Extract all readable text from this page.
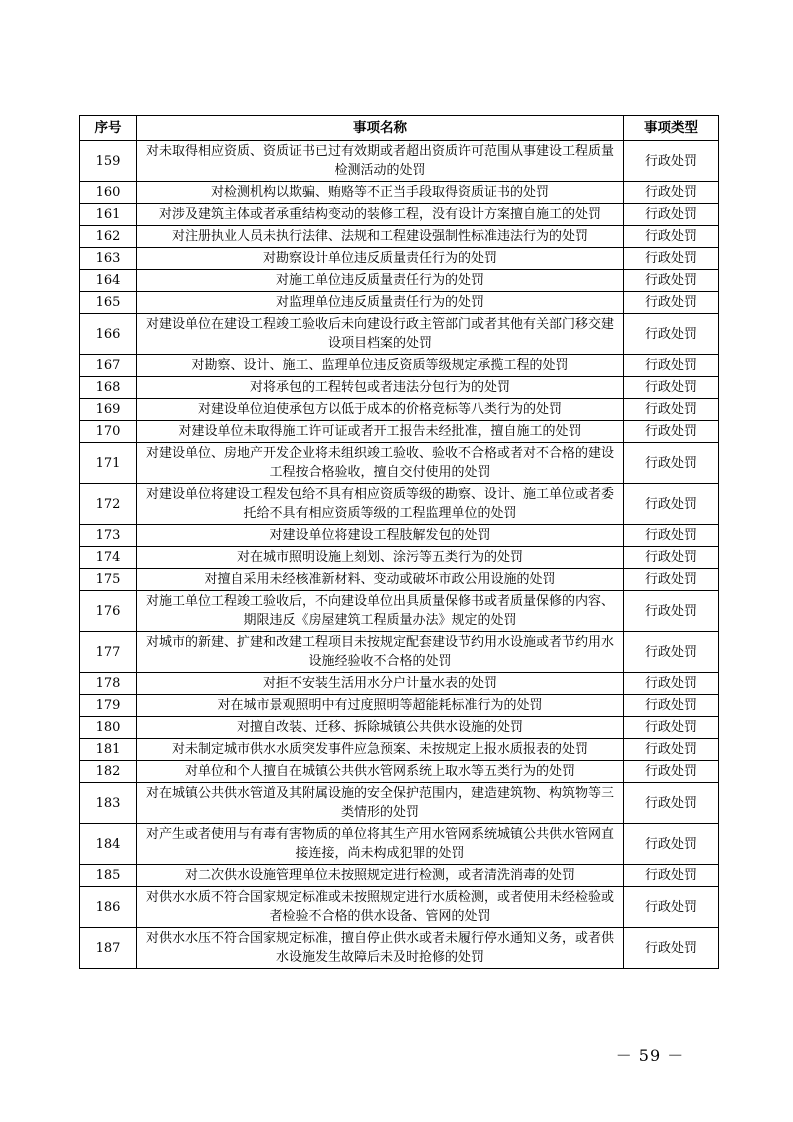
序号	事项名称	事项类型
159	对未取得相应资质、资质证书已过有效期或者超出资质许可范围从事建设工程质量检测活动的处罚	行政处罚
160	对检测机构以欺骗、贿赂等不正当手段取得资质证书的处罚	行政处罚
161	对涉及建筑主体或者承重结构变动的装修工程，没有设计方案擅自施工的处罚	行政处罚
162	对注册执业人员未执行法律、法规和工程建设强制性标准违法行为的处罚	行政处罚
163	对勘察设计单位违反质量责任行为的处罚	行政处罚
164	对施工单位违反质量责任行为的处罚	行政处罚
165	对监理单位违反质量责任行为的处罚	行政处罚
166	对建设单位在建设工程竣工验收后未向建设行政主管部门或者其他有关部门移交建设项目档案的处罚	行政处罚
167	对勘察、设计、施工、监理单位违反资质等级规定承揽工程的处罚	行政处罚
168	对将承包的工程转包或者违法分包行为的处罚	行政处罚
169	对建设单位迫使承包方以低于成本的价格竞标等八类行为的处罚	行政处罚
170	对建设单位未取得施工许可证或者开工报告未经批准，擅自施工的处罚	行政处罚
171	对建设单位、房地产开发企业将未组织竣工验收、验收不合格或者对不合格的建设工程按合格验收，擅自交付使用的处罚	行政处罚
172	对建设单位将建设工程发包给不具有相应资质等级的勘察、设计、施工单位或者委托给不具有相应资质等级的工程监理单位的处罚	行政处罚
173	对建设单位将建设工程肢解发包的处罚	行政处罚
174	对在城市照明设施上刻划、涂污等五类行为的处罚	行政处罚
175	对擅自采用未经核准新材料、变动或破坏市政公用设施的处罚	行政处罚
176	对施工单位工程竣工验收后，不向建设单位出具质量保修书或者质量保修的内容、期限违反《房屋建筑工程质量办法》规定的处罚	行政处罚
177	对城市的新建、扩建和改建工程项目未按规定配套建设节约用水设施或者节约用水设施经验收不合格的处罚	行政处罚
178	对拒不安装生活用水分户计量水表的处罚	行政处罚
179	对在城市景观照明中有过度照明等超能耗标准行为的处罚	行政处罚
180	对擅自改装、迁移、拆除城镇公共供水设施的处罚	行政处罚
181	对未制定城市供水水质突发事件应急预案、未按规定上报水质报表的处罚	行政处罚
182	对单位和个人擅自在城镇公共供水管网系统上取水等五类行为的处罚	行政处罚
183	对在城镇公共供水管道及其附属设施的安全保护范围内，建造建筑物、构筑物等三类情形的处罚	行政处罚
184	对产生或者使用与有毒有害物质的单位将其生产用水管网系统城镇公共供水管网直接连接，尚未构成犯罪的处罚	行政处罚
185	对二次供水设施管理单位未按照规定进行检测，或者清洗消毒的处罚	行政处罚
186	对供水水质不符合国家规定标准或未按照规定进行水质检测，或者使用未经检验或者检验不合格的供水设备、管网的处罚	行政处罚
187	对供水水压不符合国家规定标准，擅自停止供水或者未履行停水通知义务，或者供水设施发生故障后未及时抢修的处罚	行政处罚
－ 59 －
